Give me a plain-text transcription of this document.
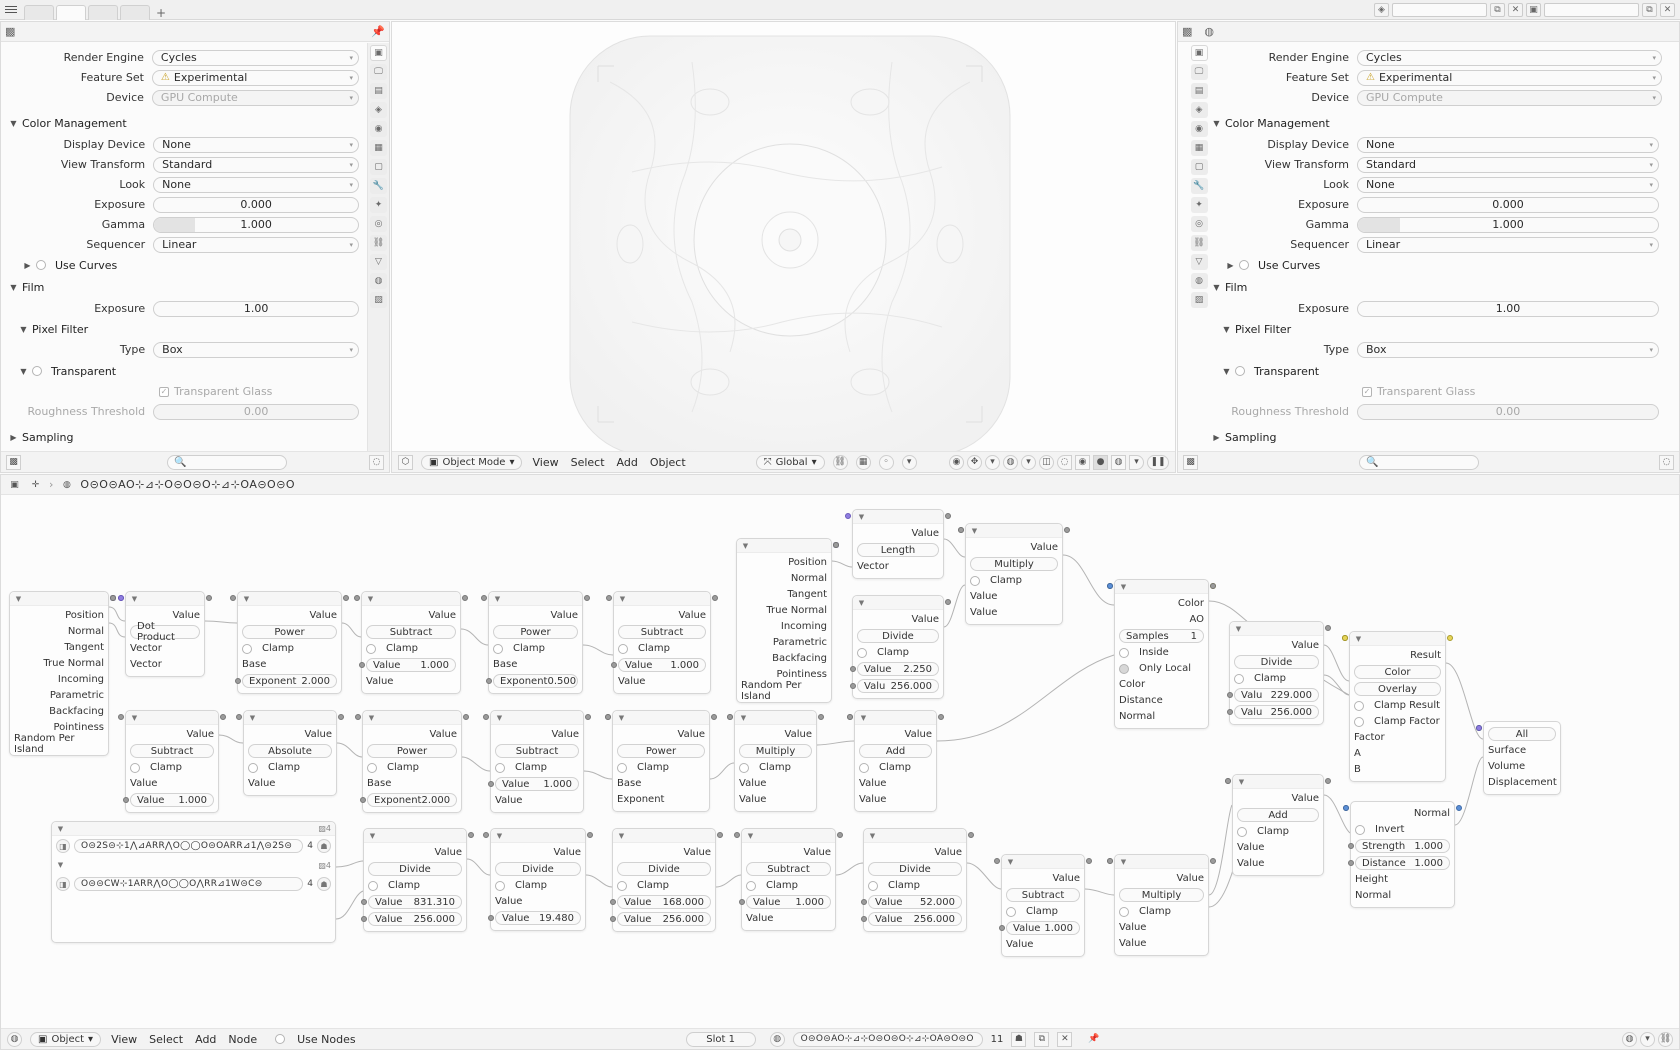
+	◈	⧉	✕	▣	⧉	✕
▩	📌
▣
🖵
▤
◈
◉
▦
▢
🔧
✦
◎
⛓
▽
◍
▨
Render Engine	Cycles	▾
Feature Set	⚠ Experimental	▾
Device	GPU Compute	▾
▼ Color Management
Display Device	None	▾
View Transform	Standard	▾
Look	None	▾
Exposure	0.000
Gamma	1.000
Sequencer	Linear	▾
▶ Use Curves
▼ Film
Exposure	1.00
▼ Pixel Filter
Type	Box	▾
▼ Transparent
✓ Transparent Glass
Roughness Threshold	0.00
▶ Sampling
▩	🔍	◌	⬡	▣ Object Mode ▾ View Select Add Object	⤧ Global ▾ ⛓	▦	◦	▾	◉	✥	▾	◍	▾	◫	◌	◉	●	◍	▾	❚❚
▩ ◍
▣
🖵
▤
◈
◉
▦
▢
🔧
✦
◎
⛓
▽
◍
▨
Render Engine	Cycles	▾
Feature Set	⚠ Experimental	▾
Device	GPU Compute	▾
▼ Color Management
Display Device	None	▾
View Transform	Standard	▾
Look	None	▾
Exposure	0.000
Gamma	1.000
Sequencer	Linear	▾
▶ Use Curves
▼ Film
Exposure	1.00
▼ Pixel Filter
Type	Box	▾
▼ Transparent
✓ Transparent Glass
Roughness Threshold	0.00
▶ Sampling
▩	🔍	◌
▣	✛ ›	◍ O⊝O⊝AO⊹⊿⊹O⊝O⊝O⊹⊿⊹OA⊝O⊝O
▼
Position
Normal
Tangent
True Normal
Incoming
Parametric
Backfacing
Pointiness
Random Per Island
▼
Value
Dot Product
Vector
Vector
▼
Value
Power
Clamp
Base
Exponent 2.000
▼
Value
Subtract
Clamp
Value 1.000
Value
▼
Value
Power
Clamp
Base
Exponent 0.500
▼
Value
Subtract
Clamp
Value 1.000
Value
▼
Position
Normal
Tangent
True Normal
Incoming
Parametric
Backfacing
Pointiness
Random Per Island
▼
Value
Length
Vector
▼
Value
Divide
Clamp
Value 2.250
Valu 256.000
▼
Value
Multiply
Clamp
Value
Value
▼
Color
AO
Samples 1
Inside
Only Local
Color
Distance
Normal
▼
Value
Divide
Clamp
Valu 229.000
Valu 256.000
▼
Result
Color
Overlay
Clamp Result
Clamp Factor
Factor
A
B
All
Surface
Volume
Displacement
▼
Value
Subtract
Clamp
Value
Value 1.000
▼
Value
Absolute
Clamp
Value
▼
Value
Power
Clamp
Base
Exponent 2.000
▼
Value
Subtract
Clamp
Value 1.000
Value
▼
Value
Power
Clamp
Base
Exponent
▼
Value
Multiply
Clamp
Value
Value
▼
Value
Add
Clamp
Value
Value
▼
Value
Add
Clamp
Value
Value
Normal
Invert
Strength 1.000
Distance 1.000
Height
Normal
▼
Value
Divide
Clamp
Value 831.310
Value 256.000
▼
Value
Divide
Clamp
Value
Value 19.480
▼
Value
Divide
Clamp
Value 168.000
Value 256.000
▼
Value
Subtract
Clamp
Value 1.000
Value
▼
Value
Divide
Clamp
Value 52.000
Value 256.000
▼
Value
Subtract
Clamp
Value 1.000
Value
▼
Value
Multiply
Clamp
Value
Value
▼	▨4
◨	O⊝2S⊝⊹1⋀⊿ARR⋀O◯◯O⊝OARR⊿1⋀⊝2S⊝ 4 ☗
▼	▨4
◨	O⊝⊝CW⊹1ARR⋀O◯◯O⋀RR⊿1W⊝C⊝	4 ☗
◍	▣ Object ▾ View Select Add Node	Use Nodes	Slot 1	◍	O⊝O⊝AO⊹⊿⊹O⊝O⊝O⊹⊿⊹OA⊝O⊝O 11	☗	⧉	✕	📌	◍	▾	⛓
